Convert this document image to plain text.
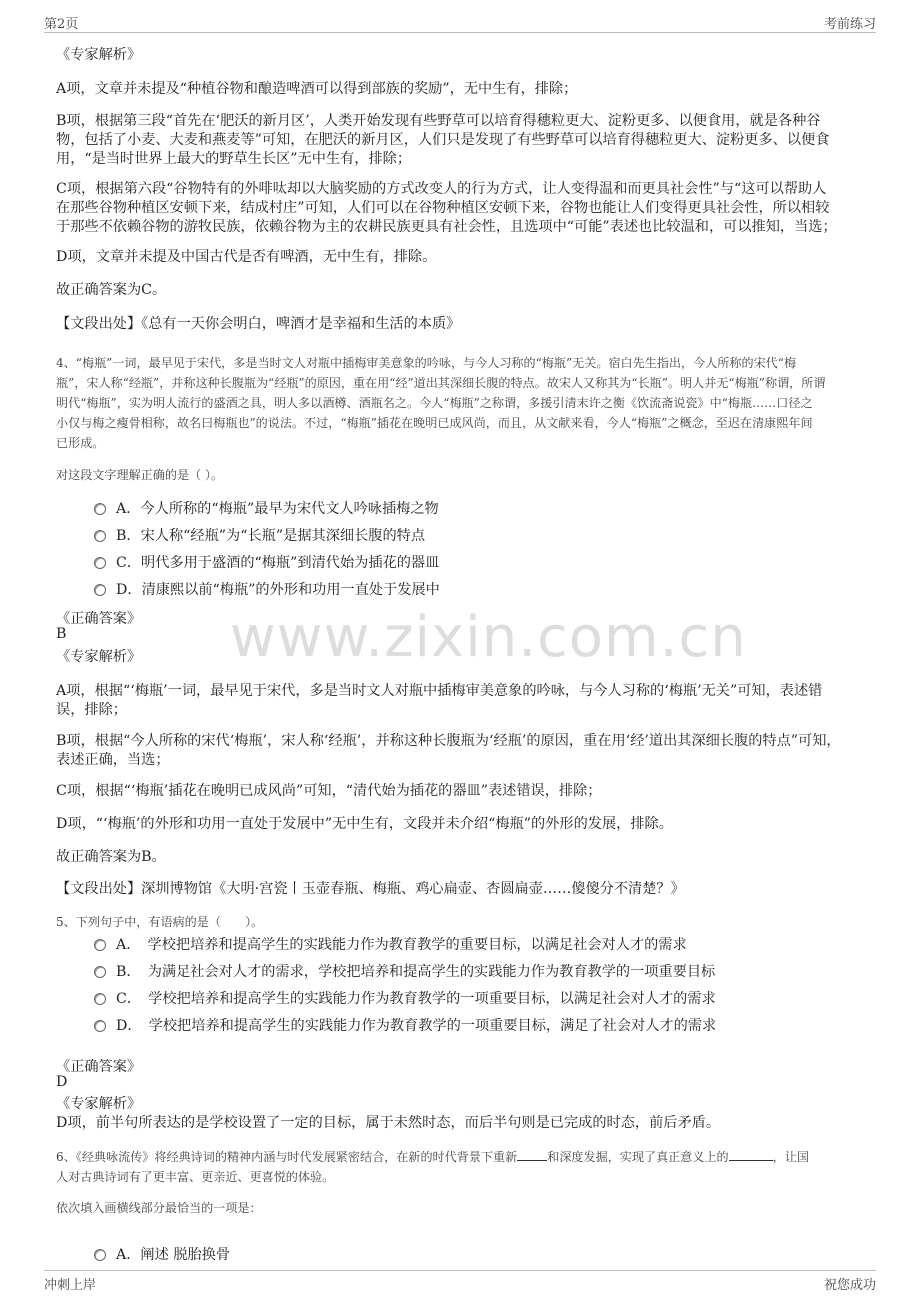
第2页	考前练习
www.zixin.com.cn
《专家解析》
A项，文章并未提及“种植谷物和酿造啤酒可以得到部族的奖励”，无中生有，排除；
B项，根据第三段“首先在‘肥沃的新月区’，人类开始发现有些野草可以培育得穗粒更大、淀粉更多、以便食用，就是各种谷
物，包括了小麦、大麦和燕麦等”可知，在肥沃的新月区，人们只是发现了有些野草可以培育得穗粒更大、淀粉更多、以便食
用，“是当时世界上最大的野草生长区”无中生有，排除；
C项，根据第六段“谷物特有的外啡呔却以大脑奖励的方式改变人的行为方式，让人变得温和而更具社会性”与“这可以帮助人
在那些谷物种植区安顿下来，结成村庄”可知，人们可以在谷物种植区安顿下来，谷物也能让人们变得更具社会性，所以相较
于那些不依赖谷物的游牧民族，依赖谷物为主的农耕民族更具有社会性，且选项中“可能”表述也比较温和，可以推知，当选；
D项，文章并未提及中国古代是否有啤酒，无中生有，排除。
故正确答案为C。
【文段出处】《总有一天你会明白，啤酒才是幸福和生活的本质》
4、“梅瓶”一词，最早见于宋代，多是当时文人对瓶中插梅审美意象的吟咏，与今人习称的“梅瓶”无关。宿白先生指出，今人所称的宋代“梅
瓶”，宋人称“经瓶”，并称这种长腹瓶为“经瓶”的原因，重在用“经”道出其深细长腹的特点。故宋人又称其为“长瓶”。明人并无“梅瓶”称谓，所谓
明代“梅瓶”，实为明人流行的盛酒之具，明人多以酒樽、酒瓶名之。今人“梅瓶”之称谓，多援引清末许之衡《饮流斋说瓷》中“梅瓶……口径之
小仅与梅之瘦骨相称，故名曰梅瓶也”的说法。不过，“梅瓶”插花在晚明已成风尚，而且，从文献来看，今人“梅瓶”之概念，至迟在清康熙年间
已形成。
对这段文字理解正确的是（ ）。
A．今人所称的“梅瓶”最早为宋代文人吟咏插梅之物
B．宋人称“经瓶”为“长瓶”是据其深细长腹的特点
C．明代多用于盛酒的“梅瓶”到清代始为插花的器皿
D．清康熙以前“梅瓶”的外形和功用一直处于发展中
《正确答案》
B
《专家解析》
A项，根据“‘梅瓶’一词，最早见于宋代，多是当时文人对瓶中插梅审美意象的吟咏，与今人习称的‘梅瓶’无关”可知，表述错
误，排除；
B项，根据“今人所称的宋代‘梅瓶’，宋人称‘经瓶’，并称这种长腹瓶为‘经瓶’的原因，重在用‘经’道出其深细长腹的特点”可知，
表述正确，当选；
C项，根据“‘梅瓶’插花在晚明已成风尚”可知，“清代始为插花的器皿”表述错误，排除；
D项，“‘梅瓶’的外形和功用一直处于发展中”无中生有，文段并未介绍“梅瓶”的外形的发展，排除。
故正确答案为B。
【文段出处】深圳博物馆《大明·宫瓷丨玉壶春瓶、梅瓶、鸡心扁壶、杏圆扁壶……傻傻分不清楚？》
5、下列句子中，有语病的是（　　）。
A．　学校把培养和提高学生的实践能力作为教育教学的重要目标，以满足社会对人才的需求
B．　为满足社会对人才的需求，学校把培养和提高学生的实践能力作为教育教学的一项重要目标
C．　学校把培养和提高学生的实践能力作为教育教学的一项重要目标，以满足社会对人才的需求
D．　学校把培养和提高学生的实践能力作为教育教学的一项重要目标，满足了社会对人才的需求
《正确答案》
D
《专家解析》
D项，前半句所表达的是学校设置了一定的目标，属于未然时态，而后半句则是已完成的时态，前后矛盾。
6、《经典咏流传》将经典诗词的精神内涵与时代发展紧密结合，在新的时代背景下重新 和深度发掘，实现了真正意义上的	，让国
人对古典诗词有了更丰富、更亲近、更喜悦的体验。
依次填入画横线部分最恰当的一项是：
A．阐述 脱胎换骨
冲刺上岸	祝您成功
